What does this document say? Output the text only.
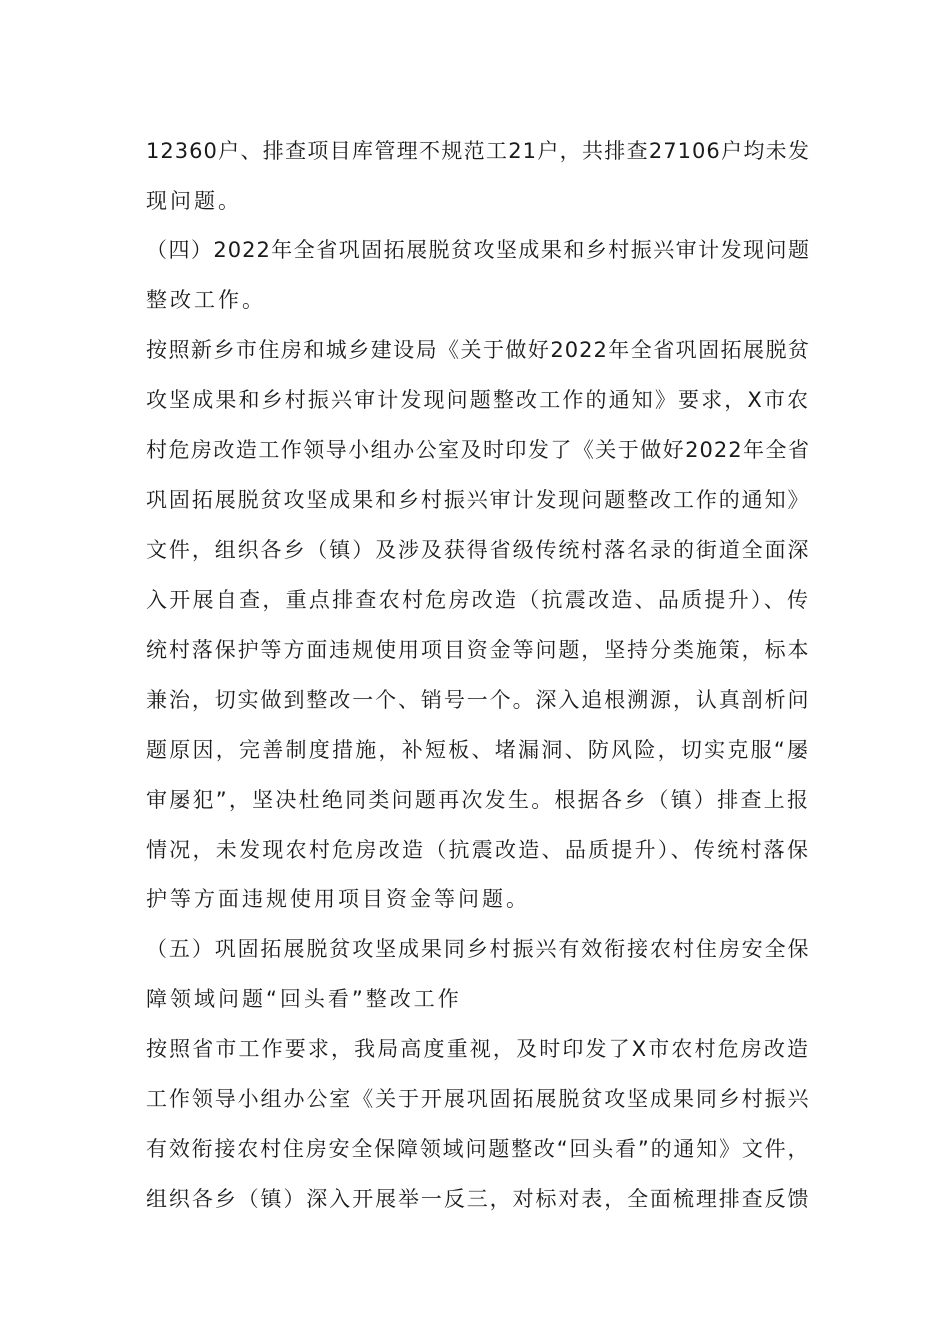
12360户、排查项目库管理不规范工21户，共排查27106户均未发
现问题。
（四）2022年全省巩固拓展脱贫攻坚成果和乡村振兴审计发现问题
整改工作。
按照新乡市住房和城乡建设局《关于做好2022年全省巩固拓展脱贫
攻坚成果和乡村振兴审计发现问题整改工作的通知》要求，X市农
村危房改造工作领导小组办公室及时印发了《关于做好2022年全省
巩固拓展脱贫攻坚成果和乡村振兴审计发现问题整改工作的通知》
文件，组织各乡（镇）及涉及获得省级传统村落名录的街道全面深
入开展自查，重点排查农村危房改造（抗震改造、品质提升）、传
统村落保护等方面违规使用项目资金等问题，坚持分类施策，标本
兼治，切实做到整改一个、销号一个。深入追根溯源，认真剖析问
题原因，完善制度措施，补短板、堵漏洞、防风险，切实克服“屡
审屡犯”，坚决杜绝同类问题再次发生。根据各乡（镇）排查上报
情况，未发现农村危房改造（抗震改造、品质提升）、传统村落保
护等方面违规使用项目资金等问题。
（五）巩固拓展脱贫攻坚成果同乡村振兴有效衔接农村住房安全保
障领域问题“回头看”整改工作
按照省市工作要求，我局高度重视，及时印发了X市农村危房改造
工作领导小组办公室《关于开展巩固拓展脱贫攻坚成果同乡村振兴
有效衔接农村住房安全保障领域问题整改“回头看”的通知》文件，
组织各乡（镇）深入开展举一反三，对标对表，全面梳理排查反馈
